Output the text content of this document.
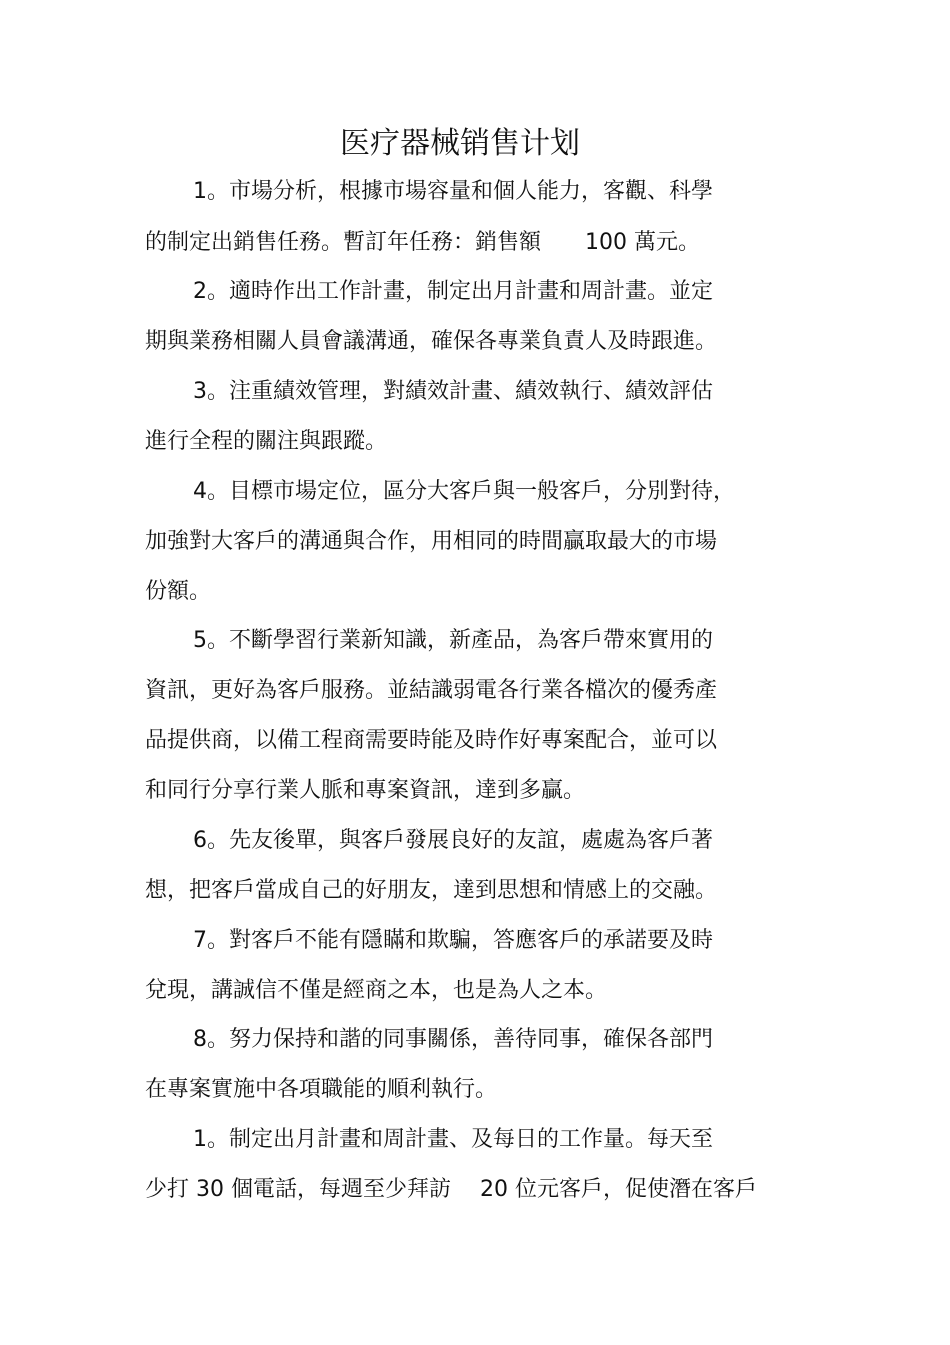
医疗器械销售计划
1。市場分析，根據市場容量和個人能力，客觀、科學
的制定出銷售任務。暫訂年任務：銷售額　　100 萬元。
2。適時作出工作計畫，制定出月計畫和周計畫。並定
期與業務相關人員會議溝通，確保各專業負責人及時跟進。
3。注重績效管理，對績效計畫、績效執行、績效評估
進行全程的關注與跟蹤。
4。目標市場定位，區分大客戶與一般客戶，分別對待，
加強對大客戶的溝通與合作，用相同的時間贏取最大的市場
份額。
5。不斷學習行業新知識，新產品，為客戶帶來實用的
資訊，更好為客戶服務。並結識弱電各行業各檔次的優秀產
品提供商，以備工程商需要時能及時作好專案配合，並可以
和同行分享行業人脈和專案資訊，達到多贏。
6。先友後單，與客戶發展良好的友誼，處處為客戶著
想，把客戶當成自己的好朋友，達到思想和情感上的交融。
7。對客戶不能有隱瞞和欺騙，答應客戶的承諾要及時
兌現，講誠信不僅是經商之本，也是為人之本。
8。努力保持和諧的同事關係，善待同事，確保各部門
在專案實施中各項職能的順利執行。
1。制定出月計畫和周計畫、及每日的工作量。每天至
少打 30 個電話，每週至少拜訪　 20 位元客戶，促使潛在客戶
